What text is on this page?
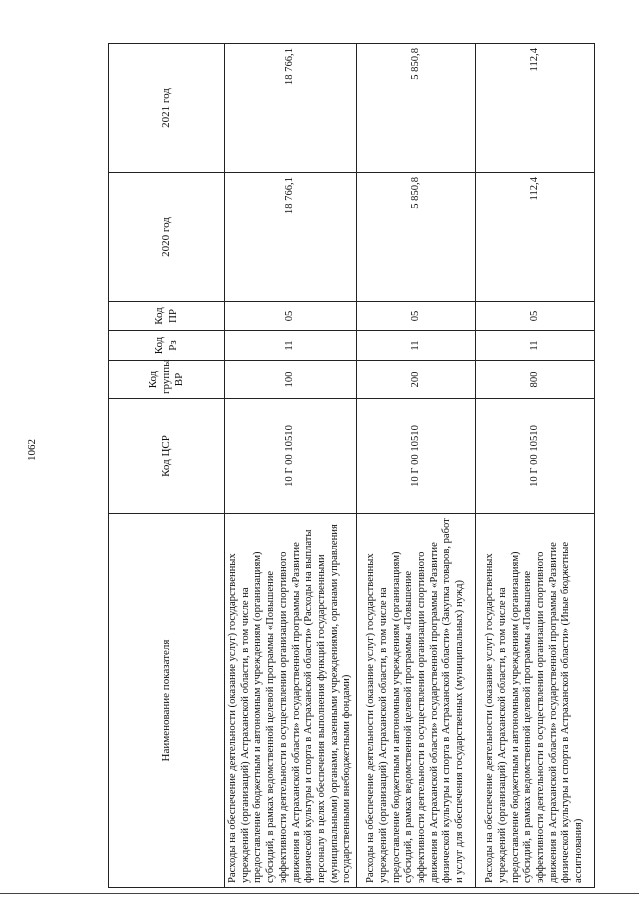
1062
Наименование показателя	Код ЦСР	Код группы ВР	Код Рз	Код ПР	2020 год	2021 год
Расходы на обеспечение деятельности (оказание услуг) государственных учреждений (организаций) Астраханской области, в том числе на предоставление бюджетным и автономным учреждениям (организациям) субсидий, в рамках ведомственной целевой программы «Повышение эффективности деятельности в осуществлении организации спортивного движения в Астраханской области» государственной программы «Развитие физической культуры и спорта в Астраханской области» (Расходы на выплаты персоналу в целях обеспечения выполнения функций государственными (муниципальными) органами, казенными учреждениями, органами управления государственными внебюджетными фондами)	10 Г 00 10510	100	11	05	18 766,1	18 766,1
Расходы на обеспечение деятельности (оказание услуг) государственных учреждений (организаций) Астраханской области, в том числе на предоставление бюджетным и автономным учреждениям (организациям) субсидий, в рамках ведомственной целевой программы «Повышение эффективности деятельности в осуществлении организации спортивного движения в Астраханской области» государственной программы «Развитие физической культуры и спорта в Астраханской области» (Закупка товаров, работ и услуг для обеспечения государственных (муниципальных) нужд)	10 Г 00 10510	200	11	05	5 850,8	5 850,8
Расходы на обеспечение деятельности (оказание услуг) государственных учреждений (организаций) Астраханской области, в том числе на предоставление бюджетным и автономным учреждениям (организациям) субсидий, в рамках ведомственной целевой программы «Повышение эффективности деятельности в осуществлении организации спортивного движения в Астраханской области» государственной программы «Развитие физической культуры и спорта в Астраханской области» (Иные бюджетные ассигнования)	10 Г 00 10510	800	11	05	112,4	112,4
